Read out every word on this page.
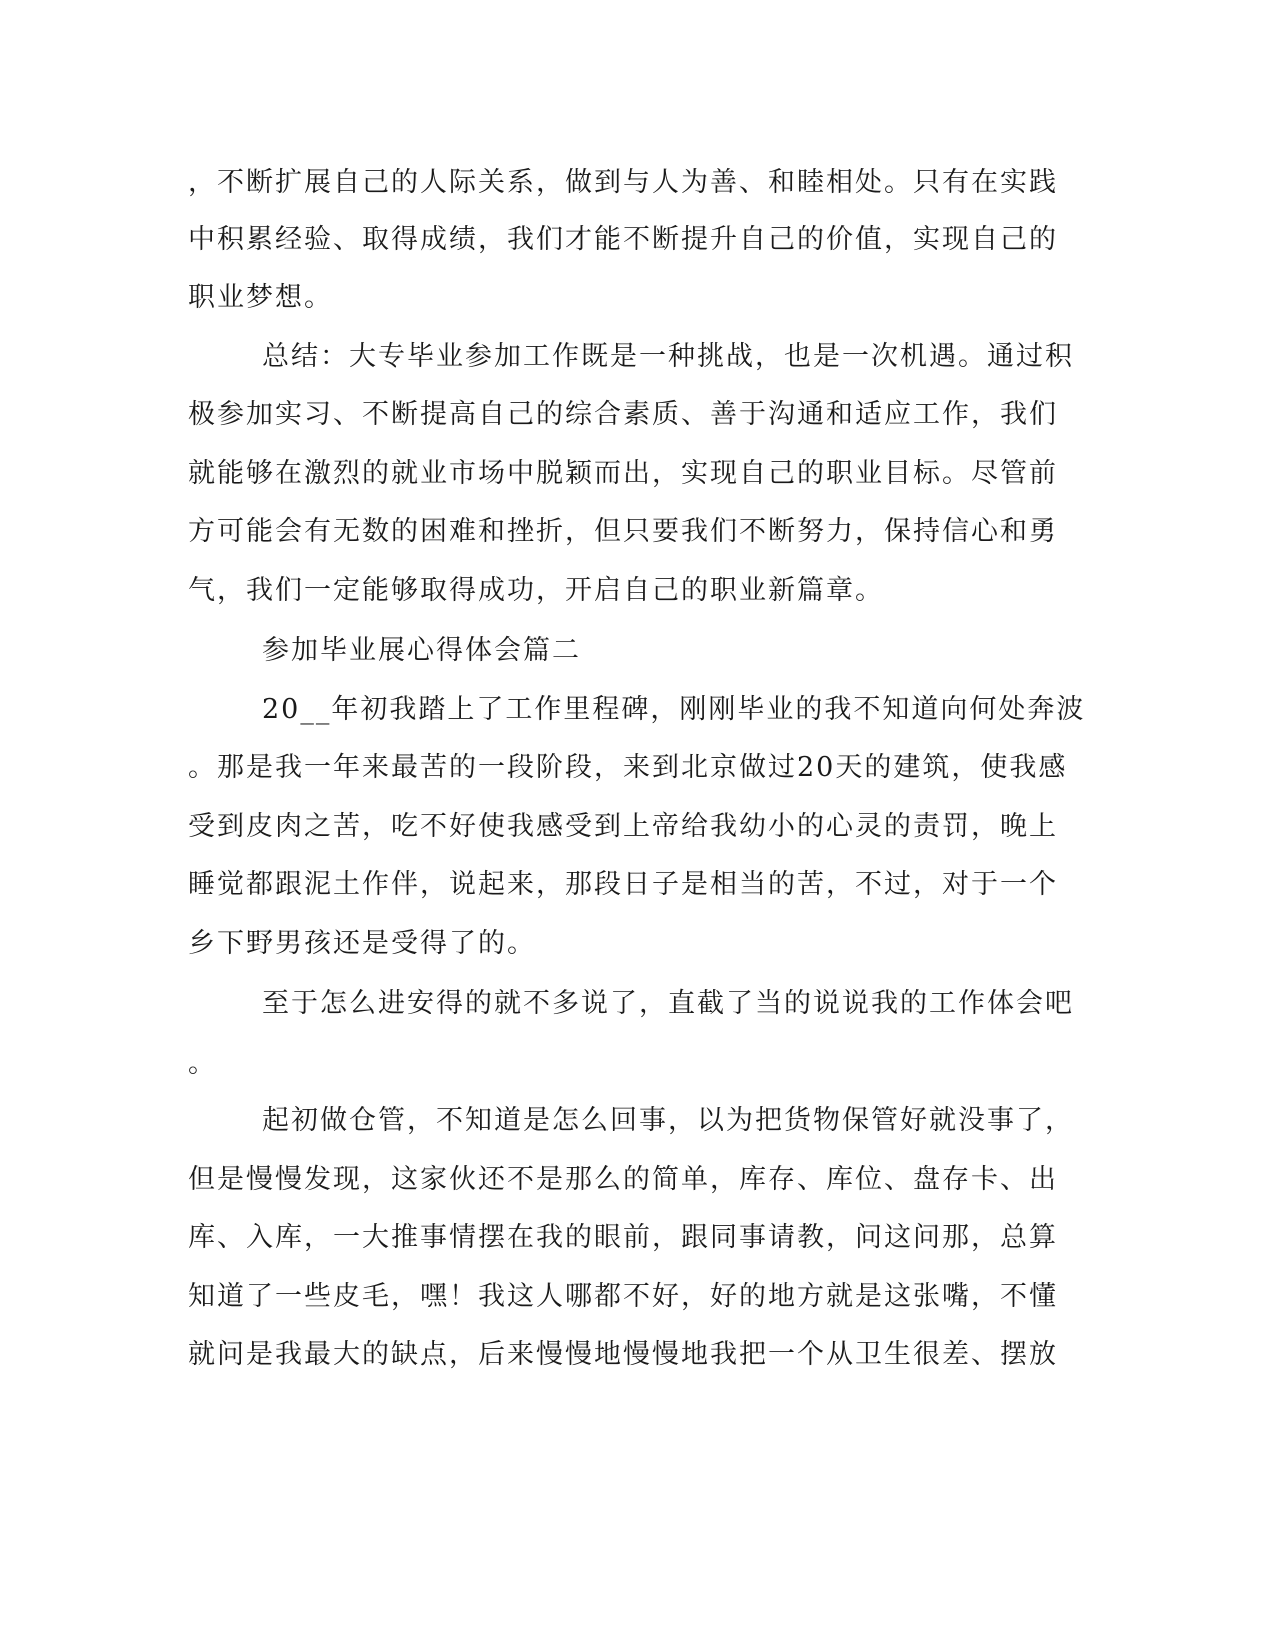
，不断扩展自己的人际关系，做到与人为善、和睦相处。只有在实践
中积累经验、取得成绩，我们才能不断提升自己的价值，实现自己的
职业梦想。
总结：大专毕业参加工作既是一种挑战，也是一次机遇。通过积
极参加实习、不断提高自己的综合素质、善于沟通和适应工作，我们
就能够在激烈的就业市场中脱颖而出，实现自己的职业目标。尽管前
方可能会有无数的困难和挫折，但只要我们不断努力，保持信心和勇
气，我们一定能够取得成功，开启自己的职业新篇章。
参加毕业展心得体会篇二
20__年初我踏上了工作里程碑，刚刚毕业的我不知道向何处奔波
。那是我一年来最苦的一段阶段，来到北京做过20天的建筑，使我感
受到皮肉之苦，吃不好使我感受到上帝给我幼小的心灵的责罚，晚上
睡觉都跟泥土作伴，说起来，那段日子是相当的苦，不过，对于一个
乡下野男孩还是受得了的。
至于怎么进安得的就不多说了，直截了当的说说我的工作体会吧
。
起初做仓管，不知道是怎么回事，以为把货物保管好就没事了，
但是慢慢发现，这家伙还不是那么的简单，库存、库位、盘存卡、出
库、入库，一大推事情摆在我的眼前，跟同事请教，问这问那，总算
知道了一些皮毛，嘿！我这人哪都不好，好的地方就是这张嘴，不懂
就问是我最大的缺点，后来慢慢地慢慢地我把一个从卫生很差、摆放
